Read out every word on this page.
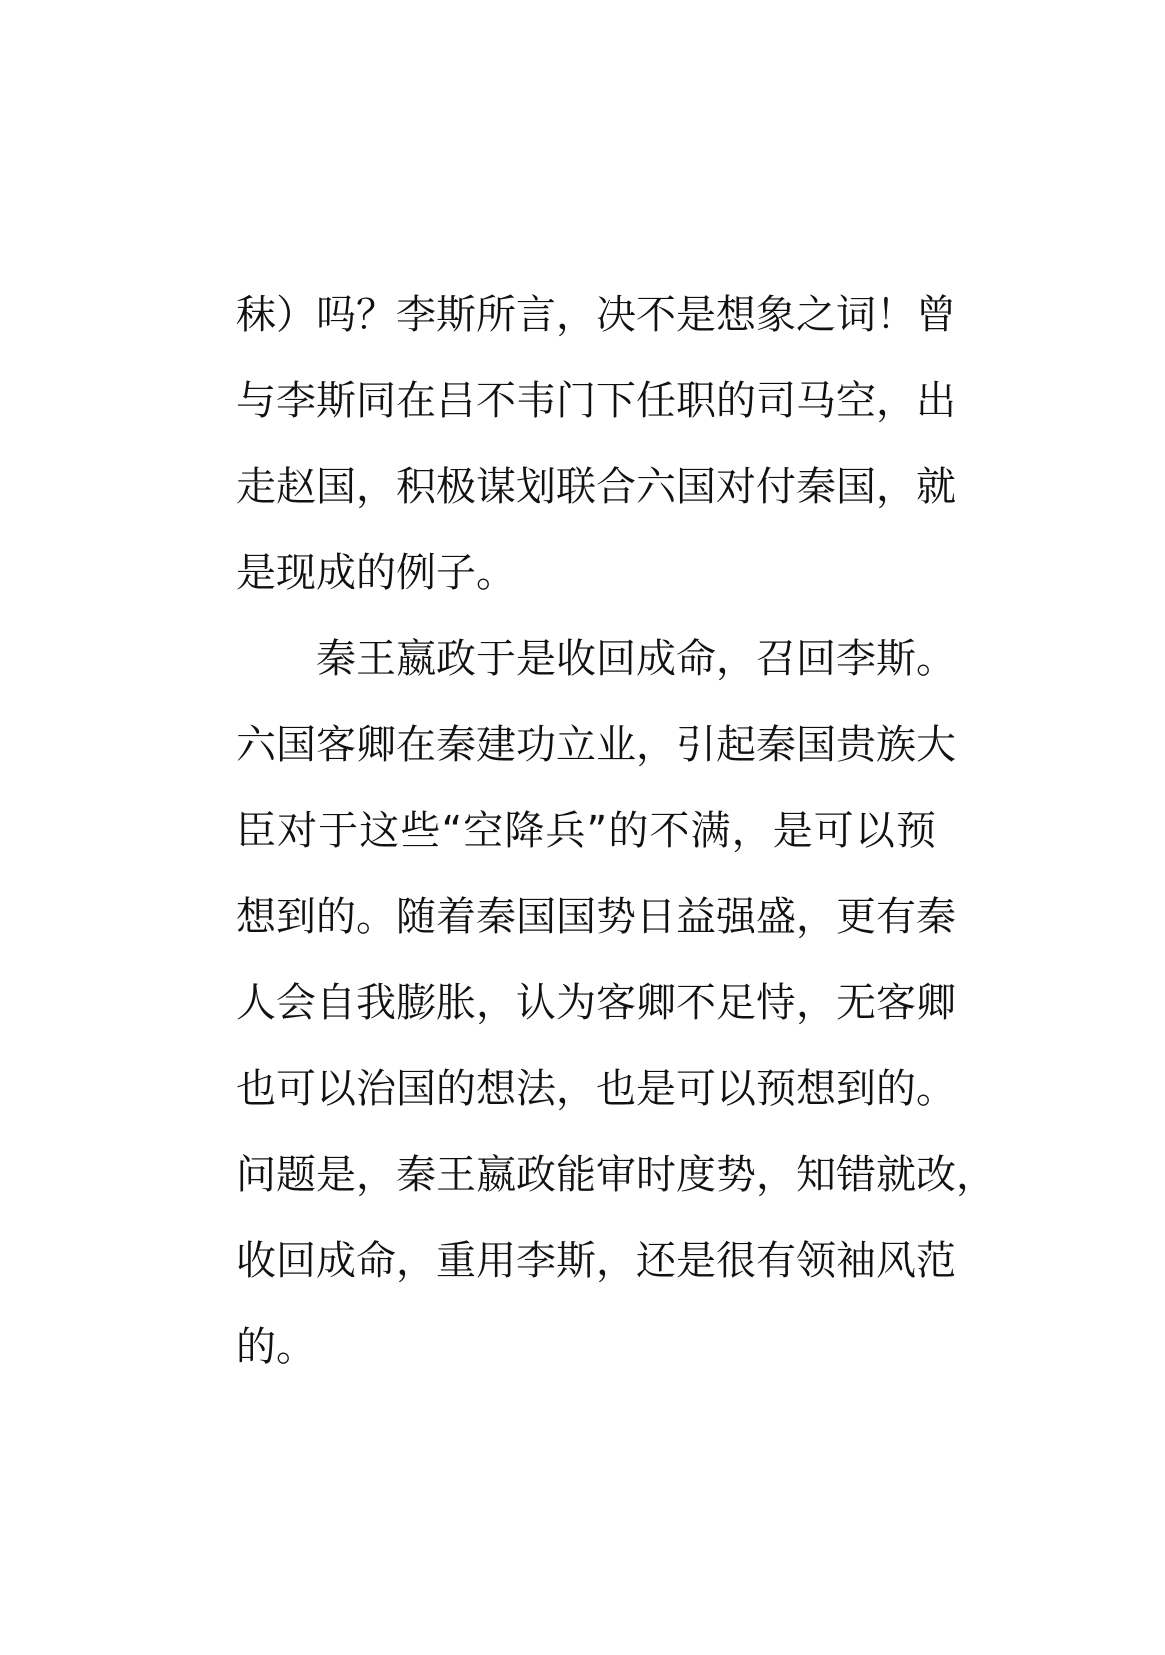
秣）吗？李斯所言，决不是想象之词！曾
与李斯同在吕不韦门下任职的司马空，出
走赵国，积极谋划联合六国对付秦国，就
是现成的例子。
秦王嬴政于是收回成命，召回李斯。
六国客卿在秦建功立业，引起秦国贵族大
臣对于这些“空降兵”的不满，是可以预
想到的。随着秦国国势日益强盛，更有秦
人会自我膨胀，认为客卿不足恃，无客卿
也可以治国的想法，也是可以预想到的。
问题是，秦王嬴政能审时度势，知错就改，
收回成命，重用李斯，还是很有领袖风范
的。
